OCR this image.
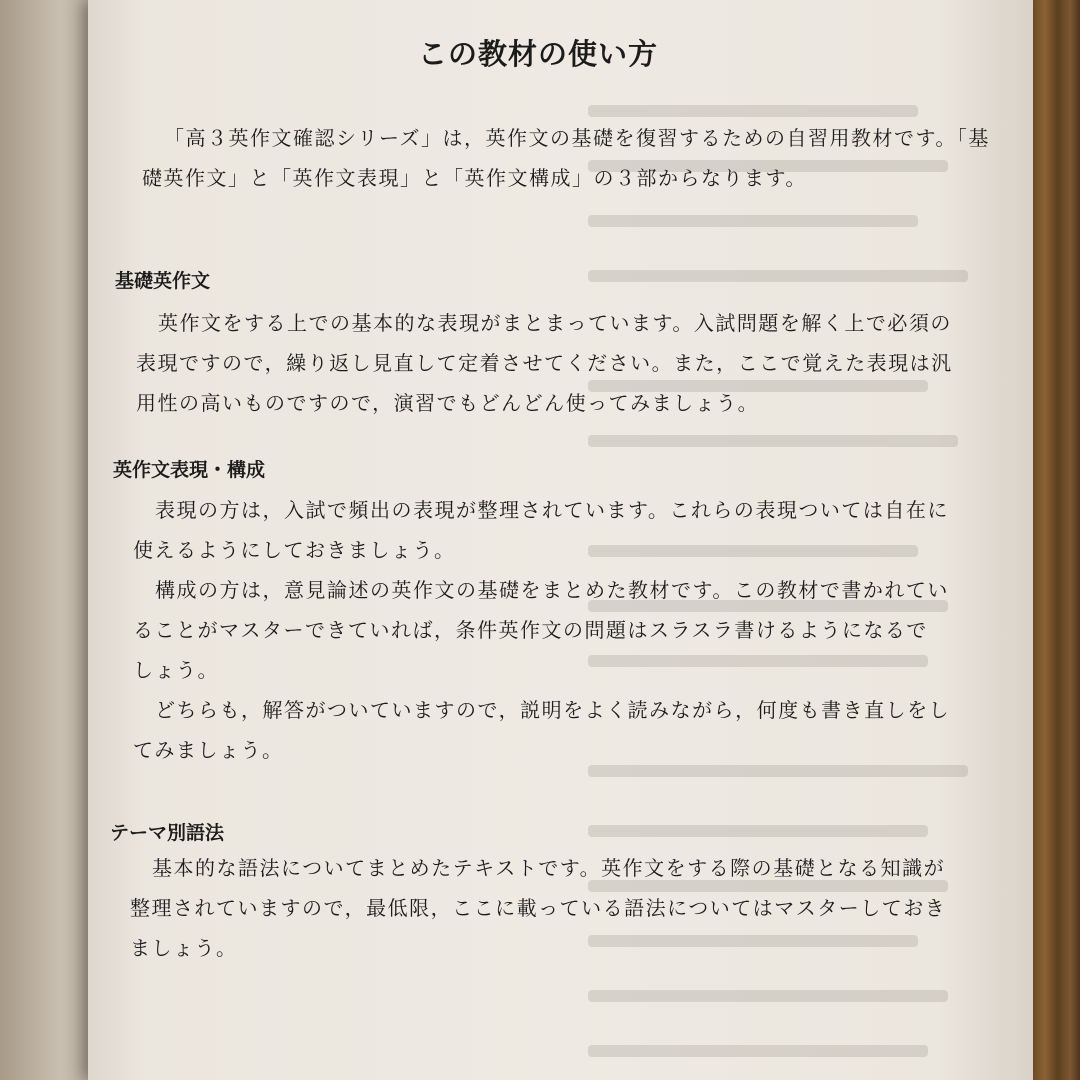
この教材の使い方
「高３英作文確認シリーズ」は，英作文の基礎を復習するための自習用教材です。「基
礎英作文」と「英作文表現」と「英作文構成」の３部からなります。
基礎英作文
英作文をする上での基本的な表現がまとまっています。入試問題を解く上で必須の
表現ですので，繰り返し見直して定着させてください。また，ここで覚えた表現は汎
用性の高いものですので，演習でもどんどん使ってみましょう。
英作文表現・構成
表現の方は，入試で頻出の表現が整理されています。これらの表現ついては自在に
使えるようにしておきましょう。
構成の方は，意見論述の英作文の基礎をまとめた教材です。この教材で書かれてい
ることがマスターできていれば，条件英作文の問題はスラスラ書けるようになるで
しょう。
どちらも，解答がついていますので，説明をよく読みながら，何度も書き直しをし
てみましょう。
テーマ別語法
基本的な語法についてまとめたテキストです。英作文をする際の基礎となる知識が
整理されていますので，最低限，ここに載っている語法についてはマスターしておき
ましょう。
